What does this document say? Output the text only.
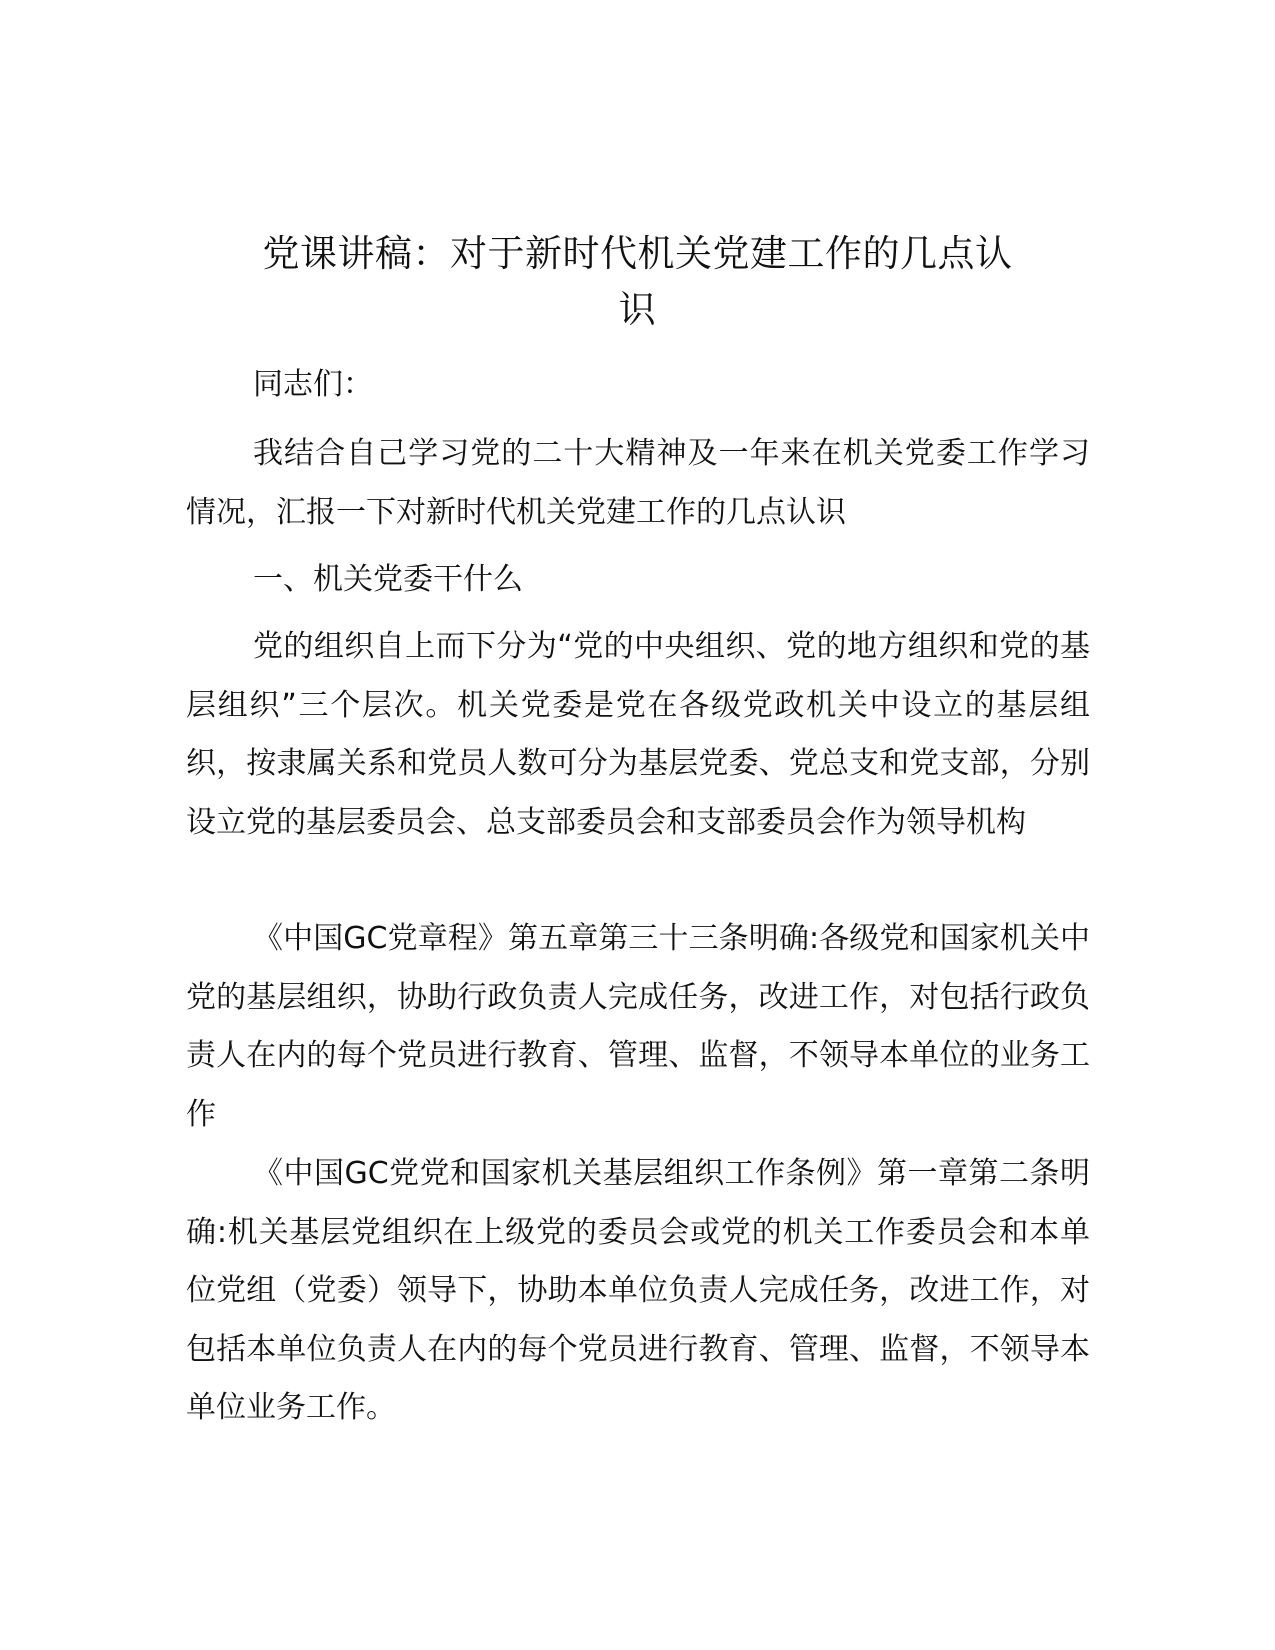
党课讲稿：对于新时代机关党建工作的几点认
识

同志们：

我结合自己学习党的二十大精神及一年来在机关党委工作学习情况，汇报一下对新时代机关党建工作的几点认识

一、机关党委干什么

党的组织自上而下分为“党的中央组织、党的地方组织和党的基层组织”三个层次。机关党委是党在各级党政机关中设立的基层组织，按隶属关系和党员人数可分为基层党委、党总支和党支部，分别设立党的基层委员会、总支部委员会和支部委员会作为领导机构

《中国GC党章程》第五章第三十三条明确:各级党和国家机关中党的基层组织，协助行政负责人完成任务，改进工作，对包括行政负责人在内的每个党员进行教育、管理、监督，不领导本单位的业务工作

《中国GC党党和国家机关基层组织工作条例》第一章第二条明确:机关基层党组织在上级党的委员会或党的机关工作委员会和本单位党组（党委）领导下，协助本单位负责人完成任务，改进工作，对包括本单位负责人在内的每个党员进行教育、管理、监督，不领导本单位业务工作。
